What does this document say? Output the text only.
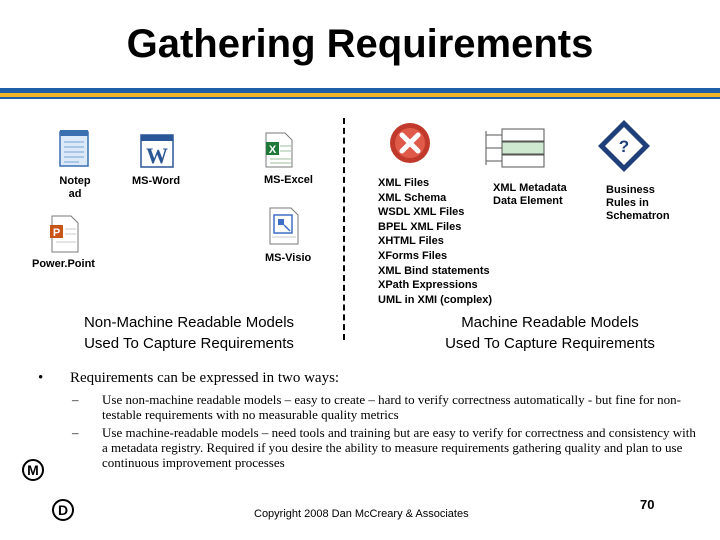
Gathering Requirements
Notep
ad
W
MS-Word
X
MS-Excel
P
Power.Point	MS-Visio
Non-Machine Readable Models
Used To Capture Requirements
?
XML Files
XML Schema
WSDL XML Files
BPEL XML Files
XHTML Files
XForms Files
XML Bind statements
XPath Expressions
UML in XMI (complex)
XML Metadata
Data Element
Business
Rules in
Schematron
Machine Readable Models
Used To Capture Requirements
• Requirements can be expressed in two ways:
– Use non-machine readable models – easy to create – hard to verify correctness automatically - but fine for non-testable requirements with no measurable quality metrics
– Use machine-readable models – need tools and training but are easy to verify for correctness and consistency with a metadata registry. Required if you desire the ability to measure requirements gathering quality and plan to use continuous improvement processes
M
D	Copyright 2008 Dan McCreary & Associates
70
